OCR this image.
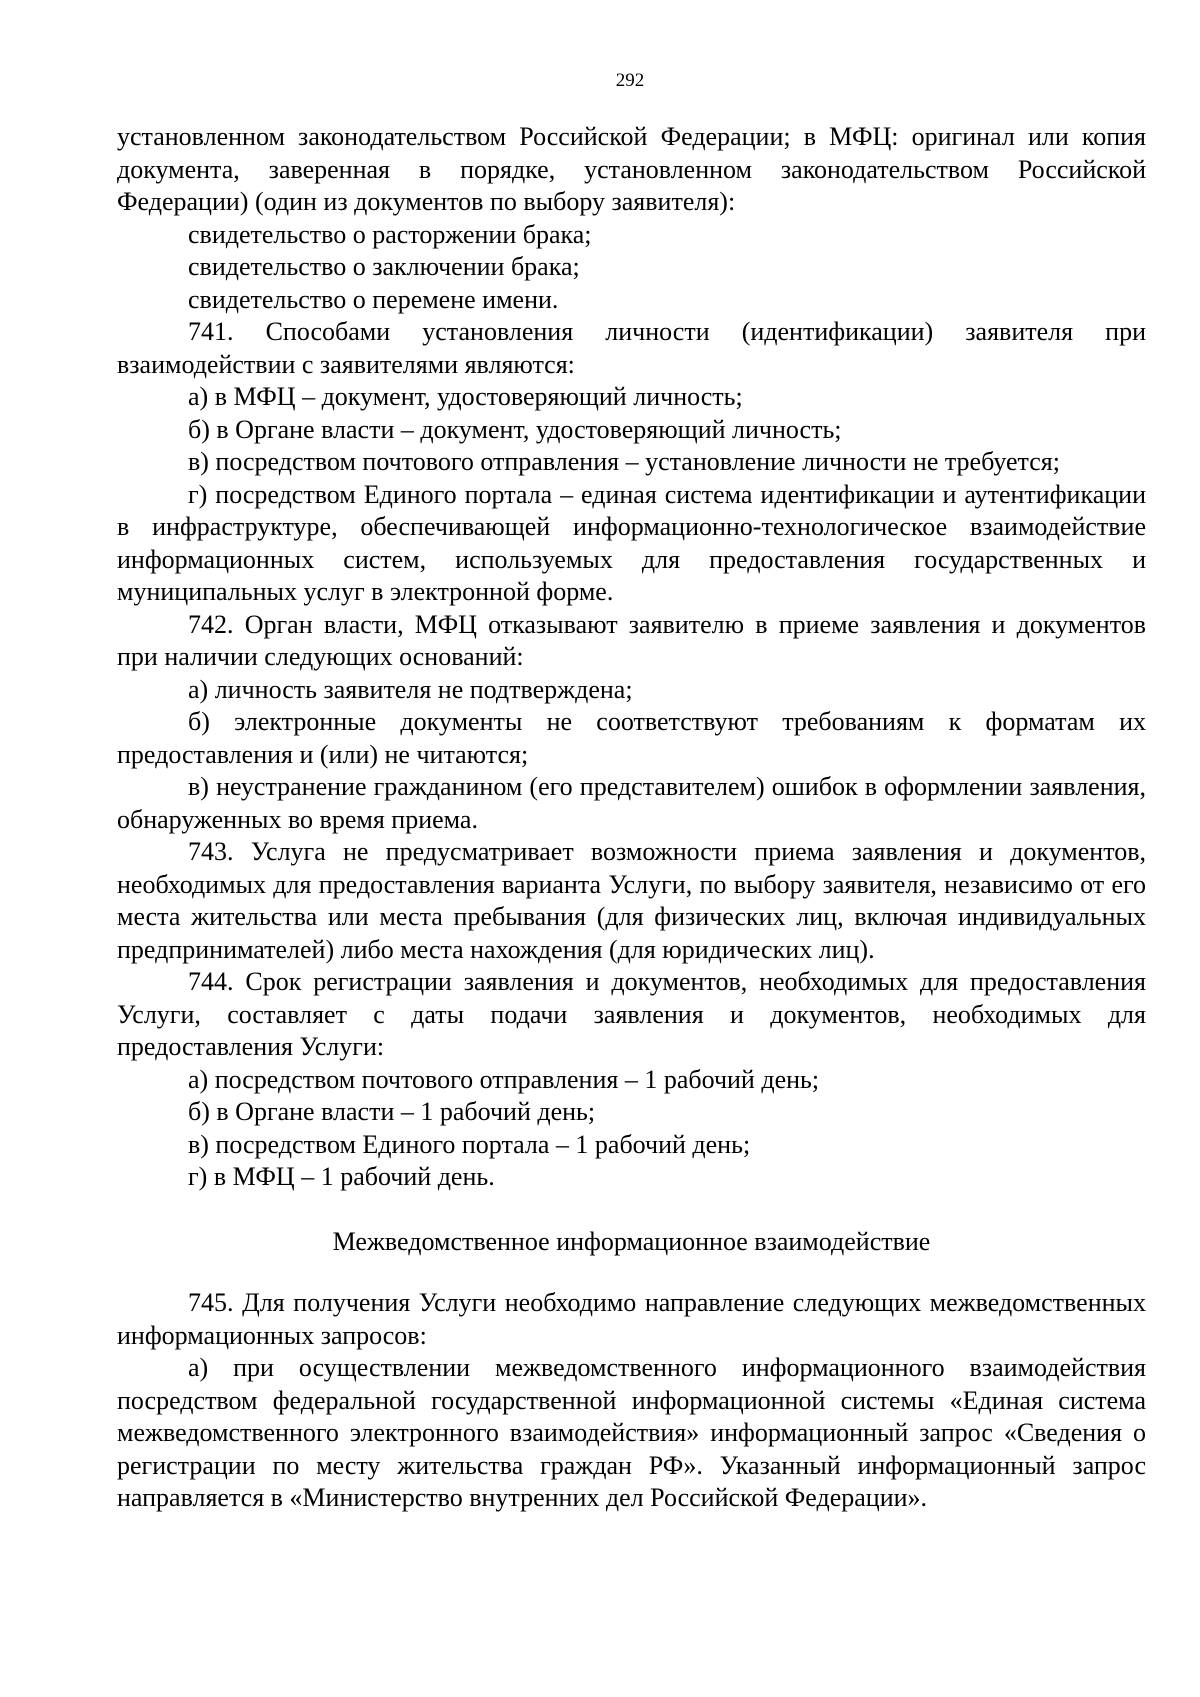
292

установленном законодательством Российской Федерации; в МФЦ: оригинал или копия документа, заверенная в порядке, установленном законодательством Российской Федерации) (один из документов по выбору заявителя):

свидетельство о расторжении брака;

свидетельство о заключении брака;

свидетельство о перемене имени.

741. Способами установления личности (идентификации) заявителя при взаимодействии с заявителями являются:

а) в МФЦ – документ, удостоверяющий личность;

б) в Органе власти – документ, удостоверяющий личность;

в) посредством почтового отправления – установление личности не требуется;

г) посредством Единого портала – единая система идентификации и аутентификации в инфраструктуре, обеспечивающей информационно-технологическое взаимодействие информационных систем, используемых для предоставления государственных и муниципальных услуг в электронной форме.

742. Орган власти, МФЦ отказывают заявителю в приеме заявления и документов при наличии следующих оснований:

а) личность заявителя не подтверждена;

б) электронные документы не соответствуют требованиям к форматам их предоставления и (или) не читаются;

в) неустранение гражданином (его представителем) ошибок в оформлении заявления, обнаруженных во время приема.

743. Услуга не предусматривает возможности приема заявления и документов, необходимых для предоставления варианта Услуги, по выбору заявителя, независимо от его места жительства или места пребывания (для физических лиц, включая индивидуальных предпринимателей) либо места нахождения (для юридических лиц).

744. Срок регистрации заявления и документов, необходимых для предоставления Услуги, составляет с даты подачи заявления и документов, необходимых для предоставления Услуги:

а) посредством почтового отправления – 1 рабочий день;

б) в Органе власти – 1 рабочий день;

в) посредством Единого портала – 1 рабочий день;

г) в МФЦ – 1 рабочий день.

Межведомственное информационное взаимодействие

745. Для получения Услуги необходимо направление следующих межведомственных информационных запросов:

а) при осуществлении межведомственного информационного взаимодействия посредством федеральной государственной информационной системы «Единая система межведомственного электронного взаимодействия» информационный запрос «Сведения о регистрации по месту жительства граждан РФ». Указанный информационный запрос направляется в «Министерство внутренних дел Российской Федерации».
